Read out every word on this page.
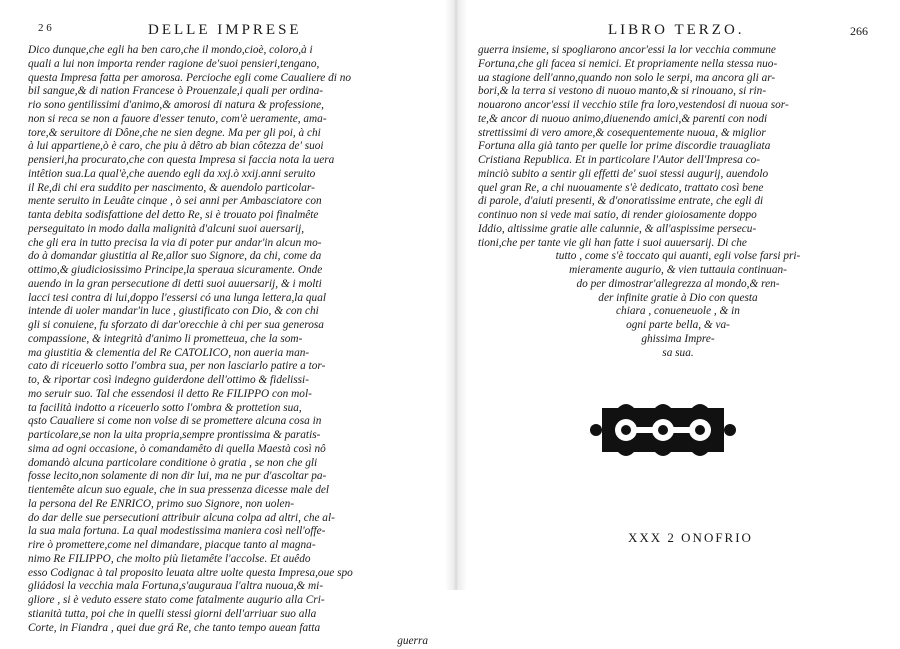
2 6	DELLE IMPRESE
Dico dunque,che egli ha ben caro,che il mondo,cioè, coloro,à i
quali a lui non importa render ragione de'suoi pensieri,tengano,
questa Impresa fatta per amorosa. Percioche egli come Caualiere di no
bil sangue,& di nation Francese ò Prouenzale,i quali per ordina-
rio sono gentilissimi d'animo,& amorosi di natura & professione,
non si reca se non a fauore d'esser tenuto, com'è ueramente, ama-
tore,& seruitore di Dône,che ne sien degne. Ma per gli poi, à chi
à lui appartiene,ò è caro, che piu à dêtro ab bian côtezza de' suoi
pensieri,ha procurato,che con questa Impresa si faccia nota la uera
intêtion sua.La qual'è,che auendo egli da xxj.ò xxij.anni seruito
il Re,di chi era suddito per nascimento, & auendolo particolar-
mente seruito in Leuâte cinque , ò sei anni per Ambasciatore con
tanta debita sodisfattione del detto Re, si è trouato poi finalmête
perseguitato in modo dalla malignità d'alcuni suoi auersarij,
che gli era in tutto precisa la via di poter pur andar'in alcun mo-
do à domandar giustitia al Re,allor suo Signore, da chi, come da
ottimo,& giudiciosissimo Principe,la speraua sicuramente. Onde
auendo in la gran persecutione di detti suoi auuersarij, & i molti
lacci tesi contra di lui,doppo l'essersi có una lunga lettera,la qual
intende di uoler mandar'in luce , giustificato con Dio, & con chi
gli si conuiene, fu sforzato di dar'orecchie à chi per sua generosa
compassione, & integrità d'animo li prometteua, che la som-
ma giustitia & clementia del Re CATOLICO, non aueria man-
cato di riceuerlo sotto l'ombra sua, per non lasciarlo patire a tor-
to, & riportar così indegno guiderdone dell'ottimo & fidelissi-
mo seruir suo. Tal che essendosi il detto Re FILIPPO con mol-
ta facilità indotto a riceuerlo sotto l'ombra & prottetion sua,
qsto Caualiere si come non volse di se promettere alcuna cosa in
particolare,se non la uita propria,sempre prontissima & paratis-
sima ad ogni occasione, ò comandamêto di quella Maestà così nô
domandò alcuna particolare conditione ò gratia , se non che gli
fosse lecito,non solamente di non dir lui, ma ne pur d'ascoltar pa-
tientemête alcun suo eguale, che in sua pressenza dicesse male del
la persona del Re ENRICO, primo suo Signore, non uolen-
do dar delle sue persecutioni attribuir alcuna colpa ad altri, che al-
la sua mala fortuna. La qual modestissima maniera così nell'offe-
rire ò promettere,come nel dimandare, piacque tanto al magna-
nimo Re FILIPPO, che molto più lietamête l'accolse. Et auêdo
esso Codignac à tal proposito leuata altre uolte questa Impresa,oue spo
gliádosi la vecchia mala Fortuna,s'auguraua l'altra nuoua,& mi-
gliore , si è veduto essere stato come fatalmente augurio alla Cri-
stianità tutta, poi che in quelli stessi giorni dell'arriuar suo alla
Corte, in Fiandra , quei due grá Re, che tanto tempo auean fatta
guerra
LIBRO TERZO.	266
guerra insieme, si spogliarono ancor'essi la lor vecchia commune
Fortuna,che gli facea si nemici. Et propriamente nella stessa nuo-
ua stagione dell'anno,quando non solo le serpi, ma ancora gli ar-
bori,& la terra si vestono di nuouo manto,& si rinouano, si rin-
nouarono ancor'essi il vecchio stile fra loro,vestendosi di nuoua sor-
te,& ancor di nuouo animo,diuenendo amici,& parenti con nodi
strettissimi di vero amore,& cosequentemente nuoua, & miglior
Fortuna alla già tanto per quelle lor prime discordie trauagliata
Cristiana Republica. Et in particolare l'Autor dell'Impresa co-
minciò subito a sentir gli effetti de' suoi stessi augurij, auendolo
quel gran Re, a chi nuouamente s'è dedicato, trattato così bene
di parole, d'aiuti presenti, & d'onoratissime entrate, che egli di
continuo non si vede mai satio, di render gioiosamente doppo
Iddio, altissime gratie alle calunnie, & all'aspissime persecu-
tioni,che per tante vie gli han fatte i suoi auuersarij. Di che
tutto , come s'è toccato qui auanti, egli volse farsi pri-
mieramente augurio, & vien tuttauia continuan-
do per dimostrar'allegrezza al mondo,& ren-
der infinite gratie à Dio con questa
chiara , conueneuole , & in
ogni parte bella, & va-
ghissima Impre-
sa sua.
XXX 2 ONOFRIO
